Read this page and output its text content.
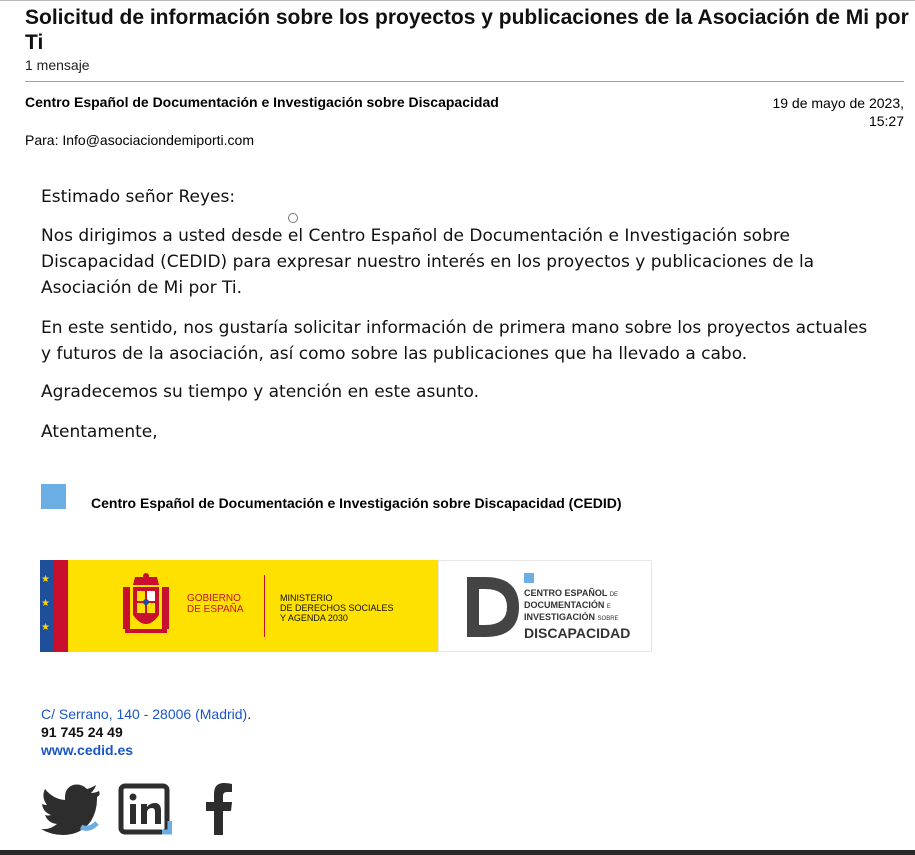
Solicitud de información sobre los proyectos y publicaciones de la Asociación de Mi por Ti
1 mensaje
Centro Español de Documentación e Investigación sobre Discapacidad	19 de mayo de 2023,
15:27
Para: Info@asociaciondemiporti.com
Estimado señor Reyes:
Nos dirigimos a usted desde el Centro Español de Documentación e Investigación sobre Discapacidad (CEDID) para expresar nuestro interés en los proyectos y publicaciones de la Asociación de Mi por Ti.
En este sentido, nos gustaría solicitar información de primera mano sobre los proyectos actuales y futuros de la asociación, así como sobre las publicaciones que ha llevado a cabo.
Agradecemos su tiempo y atención en este asunto.
Atentamente,
Centro Español de Documentación e Investigación sobre Discapacidad (CEDID)
★
★
★
GOBIERNO
DE ESPAÑA
MINISTERIO
DE DERECHOS SOCIALES
Y AGENDA 2030
CENTRO ESPAÑOL DE
DOCUMENTACIÓN E
INVESTIGACIÓN SOBRE
DISCAPACIDAD
C/ Serrano, 140 - 28006 (Madrid).
91 745 24 49
www.cedid.es
